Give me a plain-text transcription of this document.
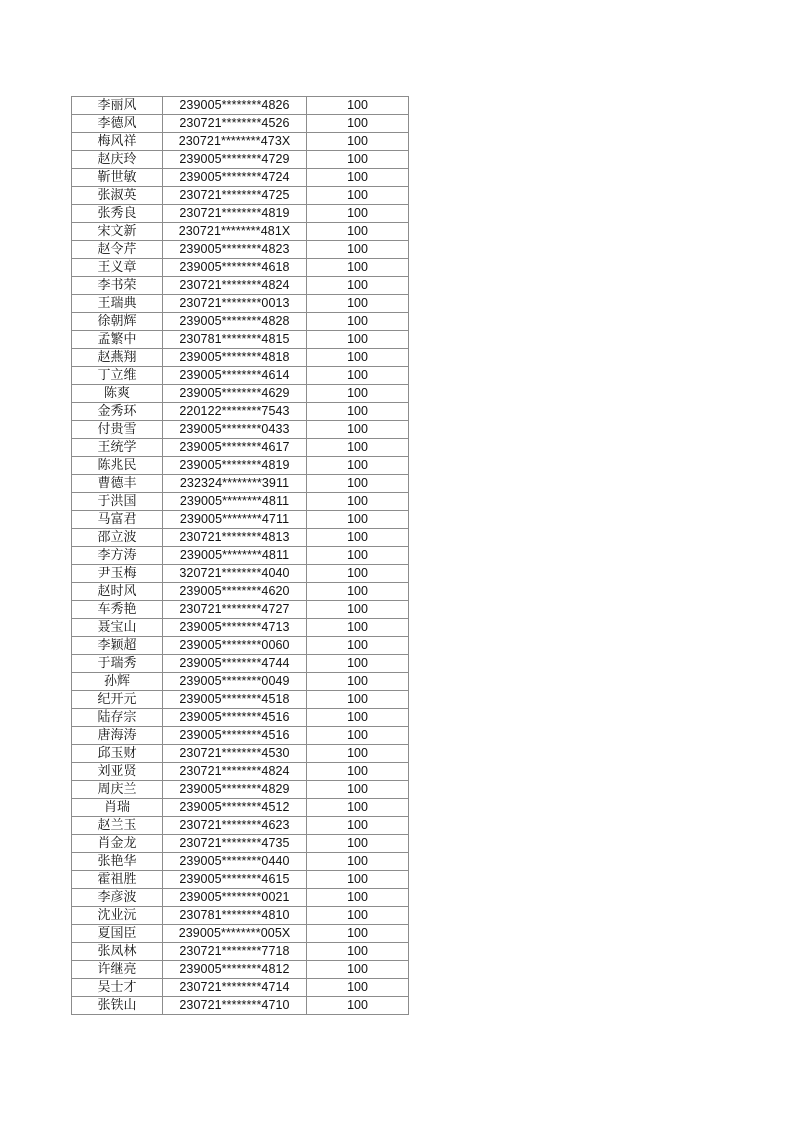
李丽风	239005********4826	100
李德风	230721********4526	100
梅风祥	230721********473X	100
赵庆玲	239005********4729	100
靳世敏	239005********4724	100
张淑英	230721********4725	100
张秀良	230721********4819	100
宋文新	230721********481X	100
赵令芹	239005********4823	100
王义章	239005********4618	100
李书荣	230721********4824	100
王瑞典	230721********0013	100
徐朝辉	239005********4828	100
孟繁中	230781********4815	100
赵燕翔	239005********4818	100
丁立维	239005********4614	100
陈爽	239005********4629	100
金秀环	220122********7543	100
付贵雪	239005********0433	100
王统学	239005********4617	100
陈兆民	239005********4819	100
曹德丰	232324********3911	100
于洪国	239005********4811	100
马富君	239005********4711	100
邵立波	230721********4813	100
李方涛	239005********4811	100
尹玉梅	320721********4040	100
赵时风	239005********4620	100
车秀艳	230721********4727	100
聂宝山	239005********4713	100
李颖超	239005********0060	100
于瑞秀	239005********4744	100
孙辉	239005********0049	100
纪开元	239005********4518	100
陆存宗	239005********4516	100
唐海涛	239005********4516	100
邱玉财	230721********4530	100
刘亚贤	230721********4824	100
周庆兰	239005********4829	100
肖瑞	239005********4512	100
赵兰玉	230721********4623	100
肖金龙	230721********4735	100
张艳华	239005********0440	100
霍祖胜	239005********4615	100
李彦波	239005********0021	100
沈业沅	230781********4810	100
夏国臣	239005********005X	100
张凤林	230721********7718	100
许继亮	239005********4812	100
吴士才	230721********4714	100
张铁山	230721********4710	100
